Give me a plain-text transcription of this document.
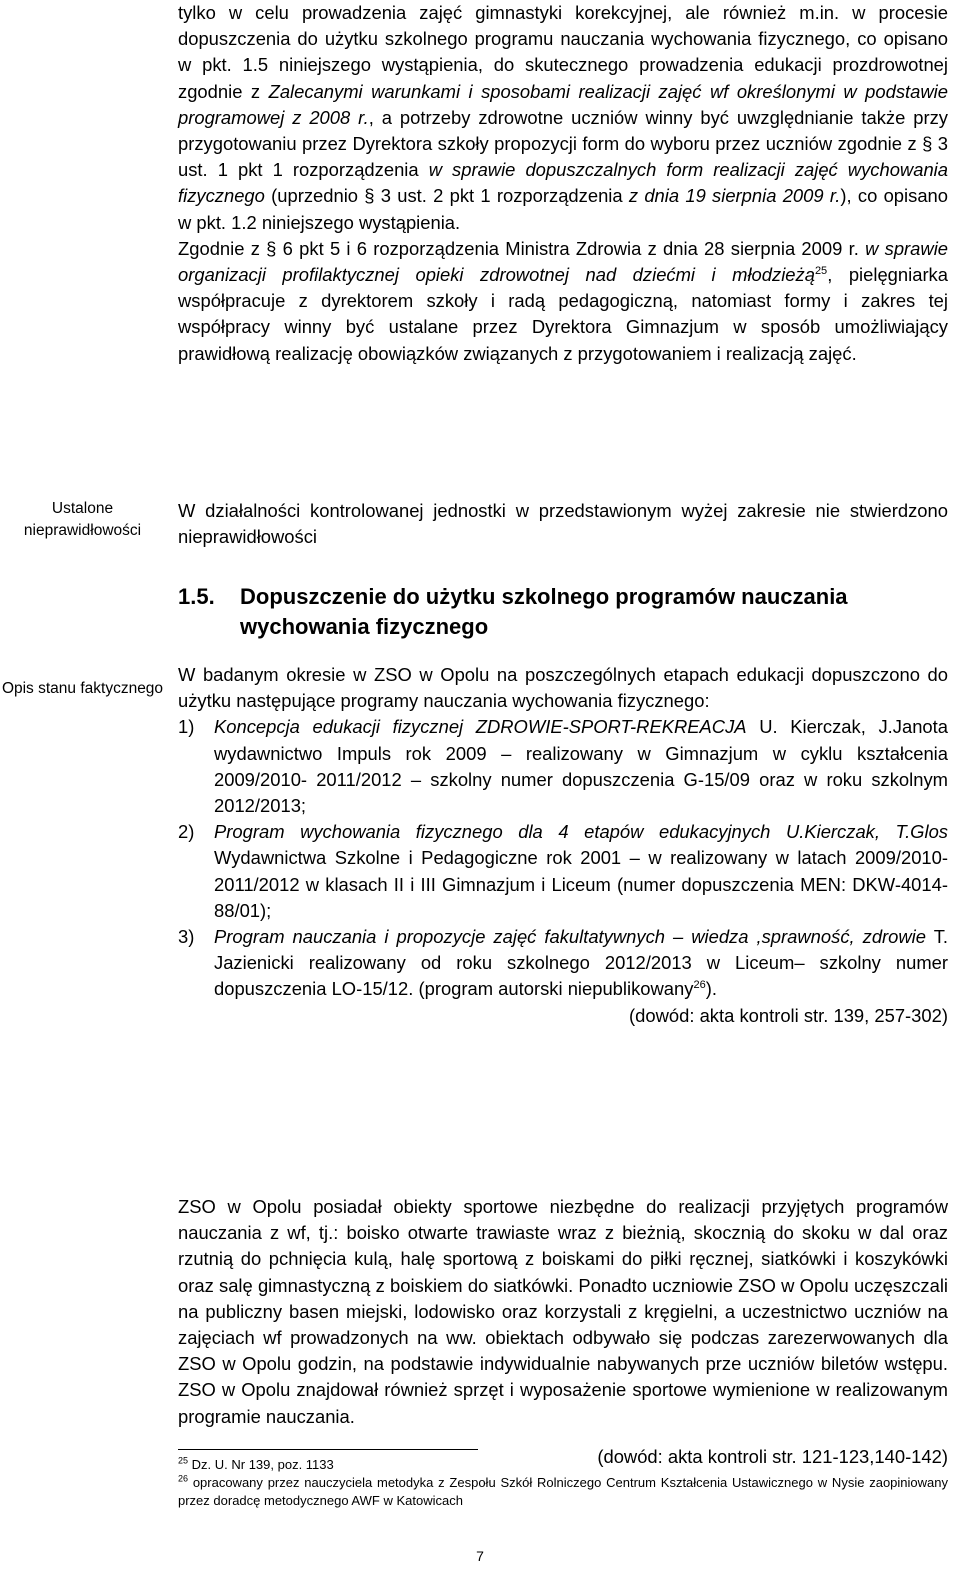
tylko w celu prowadzenia zajęć gimnastyki korekcyjnej, ale również m.in. w procesie dopuszczenia do użytku szkolnego programu nauczania wychowania fizycznego, co opisano w pkt. 1.5 niniejszego wystąpienia, do skutecznego prowadzenia edukacji prozdrowotnej zgodnie z Zalecanymi warunkami i sposobami realizacji zajęć wf określonymi w podstawie programowej z 2008 r., a potrzeby zdrowotne uczniów winny być uwzględnianie także przy przygotowaniu przez Dyrektora szkoły propozycji form do wyboru przez uczniów zgodnie z § 3 ust. 1 pkt 1 rozporządzenia w sprawie dopuszczalnych form realizacji zajęć wychowania fizycznego (uprzednio § 3 ust. 2 pkt 1 rozporządzenia z dnia 19 sierpnia 2009 r.), co opisano w pkt. 1.2 niniejszego wystąpienia.
Zgodnie z § 6 pkt 5 i 6 rozporządzenia Ministra Zdrowia z dnia 28 sierpnia 2009 r. w sprawie organizacji profilaktycznej opieki zdrowotnej nad dziećmi i młodzieżą$^{25}$, pielęgniarka współpracuje z dyrektorem szkoły i radą pedagogiczną, natomiast formy i zakres tej współpracy winny być ustalane przez Dyrektora Gimnazjum w sposób umożliwiający prawidłową realizację obowiązków związanych z przygotowaniem i realizacją zajęć.
Ustalone nieprawidłowości
Opis stanu faktycznego
W działalności kontrolowanej jednostki w przedstawionym wyżej zakresie nie stwierdzono nieprawidłowości
1.5. Dopuszczenie do użytku szkolnego programów nauczania
wychowania fizycznego
W badanym okresie w ZSO w Opolu na poszczególnych etapach edukacji dopuszczono do użytku następujące programy nauczania wychowania fizycznego:
1) Koncepcja edukacji fizycznej ZDROWIE-SPORT-REKREACJA U. Kierczak, J.Janota wydawnictwo Impuls rok 2009 – realizowany w Gimnazjum w cyklu kształcenia 2009/2010- 2011/2012 – szkolny numer dopuszczenia G-15/09 oraz w roku szkolnym 2012/2013;
2) Program wychowania fizycznego dla 4 etapów edukacyjnych U.Kierczak, T.Glos Wydawnictwa Szkolne i Pedagogiczne rok 2001 – w realizowany w latach 2009/2010-2011/2012 w klasach II i III Gimnazjum i Liceum (numer dopuszczenia MEN: DKW-4014-88/01);
3) Program nauczania i propozycje zajęć fakultatywnych – wiedza ,sprawność, zdrowie T. Jazienicki realizowany od roku szkolnego 2012/2013 w Liceum– szkolny numer dopuszczenia LO-15/12. (program autorski niepublikowany$^{26}$).
(dowód: akta kontroli str. 139, 257-302)
ZSO w Opolu posiadał obiekty sportowe niezbędne do realizacji przyjętych programów nauczania z wf, tj.: boisko otwarte trawiaste wraz z bieżnią, skocznią do skoku w dal oraz rzutnią do pchnięcia kulą, halę sportową z boiskami do piłki ręcznej, siatkówki i koszykówki oraz salę gimnastyczną z boiskiem do siatkówki. Ponadto uczniowie ZSO w Opolu uczęszczali na publiczny basen miejski, lodowisko oraz korzystali z kręgielni, a uczestnictwo uczniów na zajęciach wf prowadzonych na ww. obiektach odbywało się podczas zarezerwowanych dla ZSO w Opolu godzin, na podstawie indywidualnie nabywanych prze uczniów biletów wstępu. ZSO w Opolu znajdował również sprzęt i wyposażenie sportowe wymienione w realizowanym programie nauczania.
(dowód: akta kontroli str. 121-123,140-142)
$^{25}$ Dz. U. Nr 139, poz. 1133
$^{26}$ opracowany przez nauczyciela metodyka z Zespołu Szkół Rolniczego Centrum Kształcenia Ustawicznego w Nysie zaopiniowany przez doradcę metodycznego AWF w Katowicach
7
